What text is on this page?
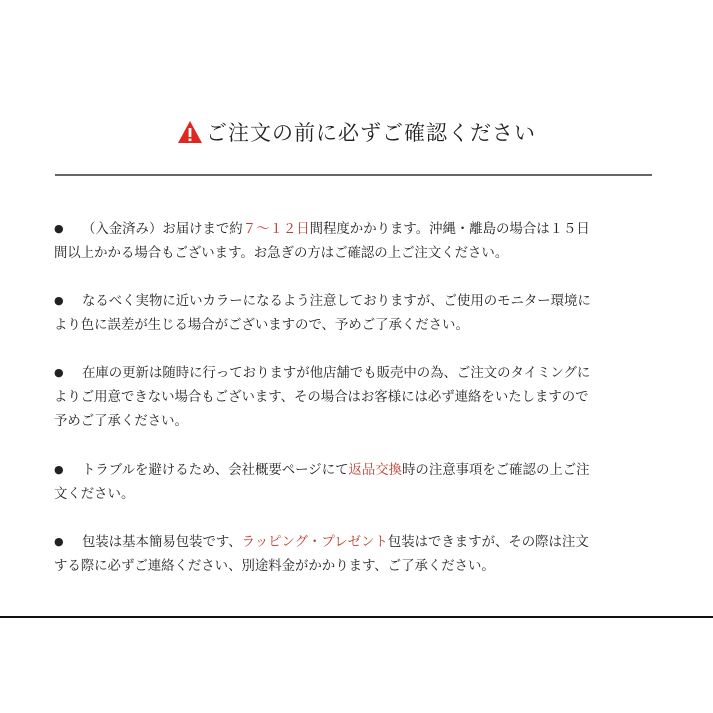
ご注文の前に必ずご確認ください
● （入金済み）お届けまで約７～１２日間程度かかります。沖縄・離島の場合は１５日
間以上かかる場合もございます。お急ぎの方はご確認の上ご注文ください。
● なるべく実物に近いカラーになるよう注意しておりますが、ご使用のモニター環境に
より色に誤差が生じる場合がございますので、予めご了承ください。
● 在庫の更新は随時に行っておりますが他店舗でも販売中の為、ご注文のタイミングに
よりご用意できない場合もございます、その場合はお客様には必ず連絡をいたしますので
予めご了承ください。
● トラブルを避けるため、会社概要ページにて返品交換時の注意事項をご確認の上ご注
文ください。
● 包装は基本簡易包装です、ラッピング・プレゼント包装はできますが、その際は注文
する際に必ずご連絡ください、別途料金がかかります、ご了承ください。
